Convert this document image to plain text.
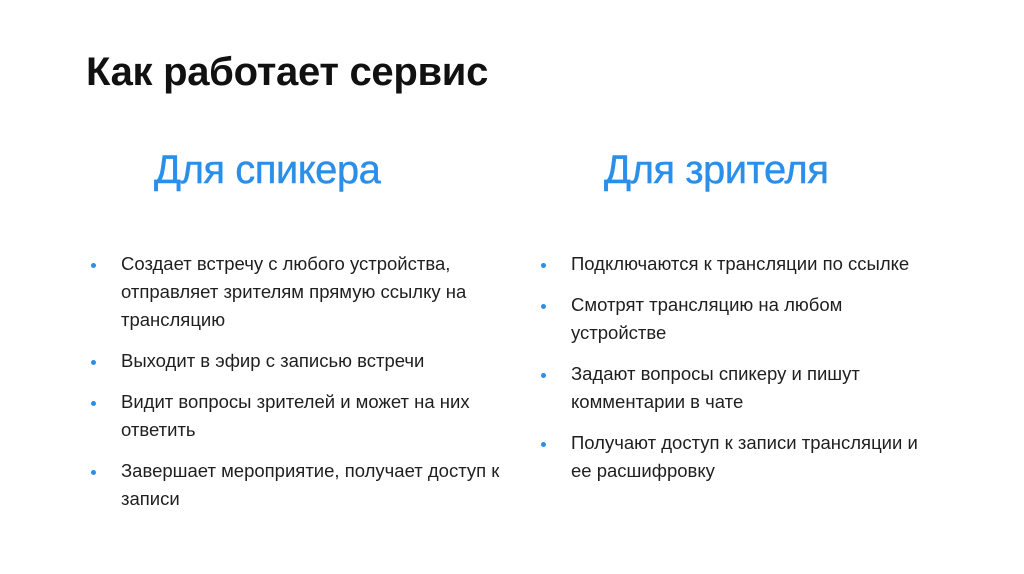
Как работает сервис
Для спикера
Создает встречу с любого устройства, отправляет зрителям прямую ссылку на трансляцию
Выходит в эфир с записью встречи
Видит вопросы зрителей и может на них ответить
Завершает мероприятие, получает доступ к записи
Для зрителя
Подключаются к трансляции по ссылке
Смотрят трансляцию на любом устройстве
Задают вопросы спикеру и пишут комментарии в чате
Получают доступ к записи трансляции и ее расшифровку
